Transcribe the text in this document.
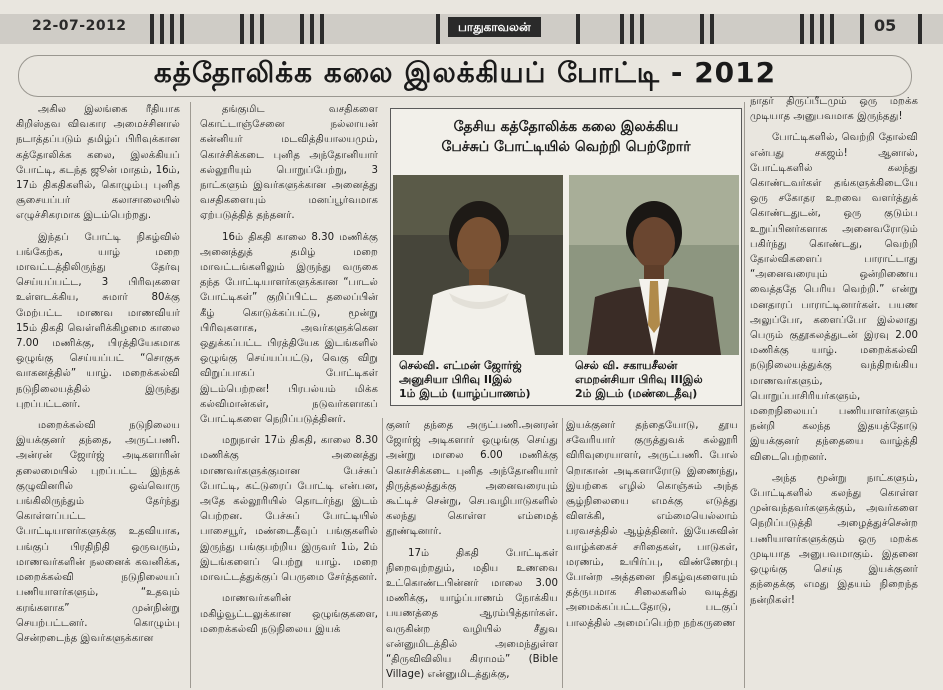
22-07-2012	பாதுகாவலன்	05
கத்தோலிக்க கலை இலக்கியப் போட்டி - 2012

அகில இலங்கை ரீதியாக கிறிஸ்தவ விவகார அமைச்சினால் நடாத்தப்படும் தமிழ்ப் பிரிவுக்கான கத்தோலிக்க கலை, இலக்கியப் போட்டி, கடந்த ஜூன் மாதம், 16ம், 17ம் திகதிகளில், கொழும்பு புனித சூசையப்பர் கலாசாலையில் எழுச்சிகரமாக இடம்பெற்றது.

இந்தப் போட்டி நிகழ்வில் பங்கேற்க, யாழ் மறை மாவட்டத்திலிருந்து தேர்வு செய்யப்பட்ட, 3 பிரிவுகளை உள்ளடக்கிய, சுமார் 80க்கு மேற்பட்ட மாணவ மாணவியர் 15ம் திகதி வெள்ளிக்கிழமை காலை 7.00 மணிக்கு, பிரத்தியேகமாக ஒழுங்கு செய்யப்பட் “சொகுசு வாகனத்தில்” யாழ். மறைக்கல்வி நடுநிலையத்தில் இருந்து புறப்பட்டனர்.

மறைக்கல்வி நடுநிலைய இயக்குனர் தந்தை, அருட்பணி. அன்ரன் ஜோர்ஜ் அடிகளாரின் தலைமையில் புறப்பட்ட இந்தக் குழுவினரில் ஒவ்வொரு பங்கிலிருந்தும் தேர்ந்து கொள்ளப்பட்ட போட்டியாளர்களுக்கு உதவியாக, பங்குப் பிரதிநிதி ஒருவரும், மாணவர்களின் நலனைக் கவனிக்க, மறைக்கல்வி நடுநிலையப் பணியாளர்களும், “உதவும் கரங்களாக” முன்நின்று செயற்பட்டனர். கொழும்பு சென்றடைந்த இவர்களுக்கான

தங்குமிட வசதிகளை கொட்டாஞ்சேனை நல்லாயன் கன்னியர் மடவித்தியாலயமும், கொச்சிக்கடை புனித அந்தோனியார் கல்லூரியும் பொறுப்பேற்று, 3 நாட்களும் இவர்களுக்கான அனைத்து வசதிகளையும் மனப்பூர்வமாக ஏற்படுத்தித் தந்தனர்.

16ம் திகதி காலை 8.30 மணிக்கு அனைத்துத் தமிழ் மறை மாவட்டங்களிலும் இருந்து வருகை தந்த போட்டியாளர்களுக்கான “பாடல் போட்டிகள்” குறிப்பிட்ட தலைப்பின் கீழ் கொடுக்கப்பட்டு, மூன்று பிரிவுகளாக, அவர்களுக்கென ஒதுக்கப்பட்ட பிரத்தியேக இடங்களில் ஒழுங்கு செய்யப்பட்டு, வெகு விறு விறுப்பாகப் போட்டிகள் இடம்பெற்றன! பிரபல்யம் மிக்க கல்விமான்கள், நடுவர்களாகப் போட்டிகளை நெறிப்படுத்தினர்.

மறுநாள் 17ம் திகதி, காலை 8.30 மணிக்கு அனைத்து மாணவர்களுக்குமான பேச்சுப் போட்டி, கட்டுரைப் போட்டி என்பன, அதே கல்லூரியில் தொடர்ந்து இடம் பெற்றன. பேச்சுப் போட்டியில் பாசையூர், மண்டைதீவுப் பங்குகளில் இருந்து பங்குபற்றிய இருவர் 1ம், 2ம் இடங்களைப் பெற்று யாழ். மறை மாவட்டத்துக்குப் பெருமை சேர்த்தனர்.

மாணவர்களின் மகிழ்வூட்டலுக்கான ஒழுங்குகளை, மறைக்கல்வி நடுநிலைய இயக்

தேசிய கத்தோலிக்க கலை இலக்கிய
பேச்சுப் போட்டியில் வெற்றி பெற்றோர்
செல்வி. எட்மன் ஜோர்ஜ்
அனுசியா பிரிவு IIஇல்
1ம் இடம் (யாழ்ப்பாணம்)
செல் வி. சகாயசீலன்
எமறன்சியா பிரிவு IIIஇல்
2ம் இடம் (மண்டைதீவு)

குனர் தந்தை அருட்பணி.அனரன் ஜோர்ஜ் அடிகளார் ஒழுங்கு செய்து அன்று மாலை 6.00 மணிக்கு கொச்சிக்கடை புனித அந்தோனியார் திருத்தலத்துக்கு அனைவரையும் கூட்டிச் சென்று, செபவழிபாடுகளில் கலந்து கொள்ள எம்மைத் தூண்டினார்.

17ம் திகதி போட்டிகள் நிறைவுற்றதும், மதிய உணவை உட்கொண்டபின்னர் மாலை 3.00 மணிக்கு, யாழ்ப்பாணம் நோக்கிய பயணத்தை ஆரம்பித்தார்கள். வருகின்ற வழியில் சீதுவ என்னுமிடத்தில் அமைந்துள்ள “திருவிவிலிய கிராமம்” (Bible Village) என்னுமிடத்துக்கு,

இயக்குனர் தந்தையோடு, தூய சவேரியார் குருத்துவக் கல்லூரி விரிவுரையாளர், அருட்பணி. போல் றொகான் அடிகளாரோடு இணைந்து, இயற்கை எழில் கொஞ்சும் அந்த சூழ்நிலையை எமக்கு எடுத்து விளக்கி, எம்மையெல்லாம் பரவசத்தில் ஆழ்த்தினர். இயேசுவின் வாழ்க்கைச் சரிதைகள், பாடுகள், மரணம், உயிர்ப்பு, விண்ணேற்பு போன்ற அத்தனை நிகழ்வுகளையும் தத்ருபமாக சிலைகளில் வடித்து அமைக்கப்பட்டதோடு, படகுப் பாலத்தில் அமைப்பெற்ற நற்கருணை

நாதர் திருப்பீடமும் ஒரு மறக்க முடியாத அனுபவமாக இருந்தது!

போட்டிகளில், வெற்றி தோல்வி என்பது சகஜம்! ஆனால், போட்டிகளில் கலந்து கொண்டவர்கள் தங்களுக்கிடையே ஒரு சகோதர உறவை வளர்த்துக் கொண்டதுடன், ஒரு குடும்ப உறுப்பினர்களாக அனைவரோடும் பகிர்ந்து கொண்டது, வெற்றி தோல்விகளைப் பாராட்டாது “அனைவரையும் ஒன்றிணைய வைத்ததே பெரிய வெற்றி.” என்று மனதாரப் பாராட்டினார்கள். பயண அலுப்போ, களைப்போ இல்லாது பெரும் குதூகலத்துடன் இரவு 2.00 மணிக்கு யாழ். மறைக்கல்வி நடுநிலையத்துக்கு வந்திறங்கிய மாணவர்களும், பொறுப்பாசிரியர்களும், மறைநிலையப் பணியாளர்களும் நன்றி கலந்த இதயத்தோடு இயக்குனர் தந்தையை வாழ்த்தி விடைபெற்றனர்.

அந்த மூன்று நாட்களும், போட்டிகளில் கலந்து கொள்ள முன்வந்தவர்களுக்கும், அவர்களை நெறிப்படுத்தி அழைத்துச்சென்ற பணியாளர்களுக்கும் ஒரு மறக்க முடியாத அனுபவமாகும். இதனை ஒழுங்கு செய்த இயக்குனர் தந்தைக்கு எமது இதயம் நிறைந்த நன்றிகள்!
